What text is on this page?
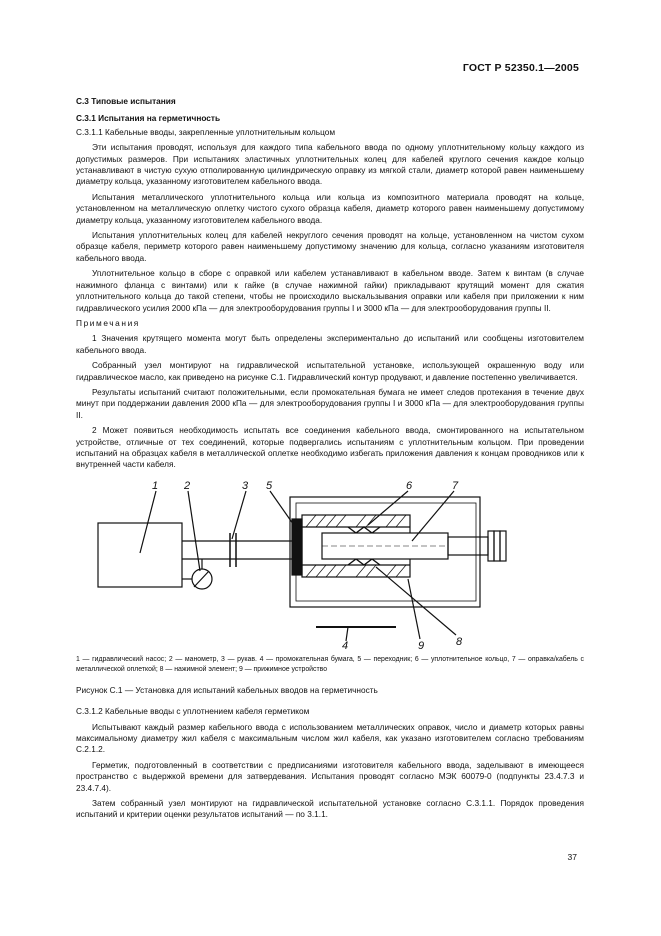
ГОСТ Р 52350.1—2005

С.3 Типовые испытания

С.3.1 Испытания на герметичность

С.3.1.1 Кабельные вводы, закрепленные уплотнительным кольцом

Эти испытания проводят, используя для каждого типа кабельного ввода по одному уплотнительному кольцу каждого из допустимых размеров. При испытаниях эластичных уплотнительных колец для кабелей круглого сечения каждое кольцо устанавливают в чистую сухую отполированную цилиндрическую оправку из мягкой стали, диаметр которой равен наименьшему диаметру кольца, указанному изготовителем кабельного ввода.

Испытания металлического уплотнительного кольца или кольца из композитного материала проводят на кольце, установленном на металлическую оплетку чистого сухого образца кабеля, диаметр которого равен наименьшему допустимому диаметру кольца, указанному изготовителем кабельного ввода.

Испытания уплотнительных колец для кабелей некруглого сечения проводят на кольце, установленном на чистом сухом образце кабеля, периметр которого равен наименьшему допустимому значению для кольца, согласно указаниям изготовителя кабельного ввода.

Уплотнительное кольцо в сборе с оправкой или кабелем устанавливают в кабельном вводе. Затем к винтам (в случае нажимного фланца с винтами) или к гайке (в случае нажимной гайки) прикладывают крутящий момент для сжатия уплотнительного кольца до такой степени, чтобы не происходило выскальзывания оправки или кабеля при приложении к ним гидравлического усилия 2000 кПа — для электрооборудования группы I и 3000 кПа — для электрооборудования группы II.

Примечания

1 Значения крутящего момента могут быть определены экспериментально до испытаний или сообщены изготовителем кабельного ввода.

Собранный узел монтируют на гидравлической испытательной установке, использующей окрашенную воду или гидравлическое масло, как приведено на рисунке С.1. Гидравлический контур продувают, и давление постепенно увеличивается.

Результаты испытаний считают положительными, если промокательная бумага не имеет следов протекания в течение двух минут при поддержании давления 2000 кПа — для электрооборудования группы I и 3000 кПа — для электрооборудования группы II.

2 Может появиться необходимость испытать все соединения кабельного ввода, смонтированного на испытательном устройстве, отличные от тех соединений, которые подвергались испытаниям с уплотнительным кольцом. При проведении испытаний на образцах кабеля в металлической оплетке необходимо избегать приложения давления к концам проводников или к внутренней части кабеля.

1 2	3 5	6	7
4	9	8

1 — гидравлический насос; 2 — манометр, 3 — рукав. 4 — промокательная бумага, 5 — переходник; 6 — уплотнительное кольцо, 7 — оправка/кабель с металлической оплеткой; 8 — нажимной элемент; 9 — прижимное устройство

Рисунок С.1 — Установка для испытаний кабельных вводов на герметичность

С.3.1.2 Кабельные вводы с уплотнением кабеля герметиком

Испытывают каждый размер кабельного ввода с использованием металлических оправок, число и диаметр которых равны максимальному диаметру жил кабеля с максимальным числом жил кабеля, как указано изготовителем согласно требованиям С.2.1.2.

Герметик, подготовленный в соответствии с предписаниями изготовителя кабельного ввода, заделывают в имеющееся пространство с выдержкой времени для затвердевания. Испытания проводят согласно МЭК 60079-0 (подпункты 23.4.7.3 и 23.4.7.4).

Затем собранный узел монтируют на гидравлической испытательной установке согласно С.3.1.1. Порядок проведения испытаний и критерии оценки результатов испытаний — по 3.1.1.

37
